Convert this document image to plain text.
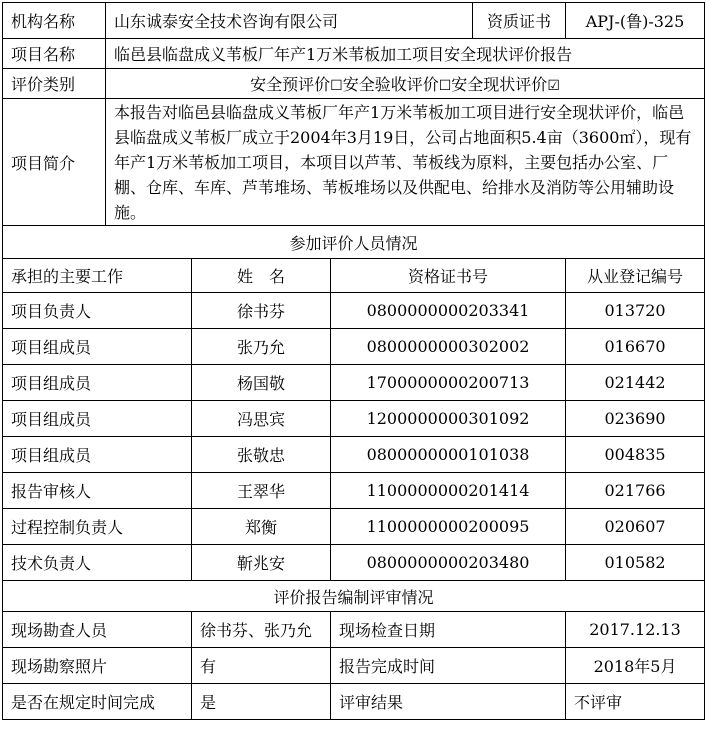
机构名称	山东诚泰安全技术咨询有限公司			资质证书	APJ-(鲁)-325
项目名称	临邑县临盘成义苇板厂年产1万米苇板加工项目安全现状评价报告				
评价类别	安全预评价☐安全验收评价☐安全现状评价☑				
项目简介	本报告对临邑县临盘成义苇板厂年产1万米苇板加工项目进行安全现状评价，临邑县临盘成义苇板厂成立于2004年3月19日，公司占地面积5.4亩（3600㎡），现有年产1万米苇板加工项目，本项目以芦苇、苇板线为原料，主要包括办公室、厂棚、仓库、车库、芦苇堆场、苇板堆场以及供配电、给排水及消防等公用辅助设施。				
参加评价人员情况					
承担的主要工作		姓　名	资格证书号		从业登记编号
项目负责人		徐书芬	0800000000203341		013720
项目组成员		张乃允	0800000000302002		016670
项目组成员		杨国敬	1700000000200713		021442
项目组成员		冯思宾	1200000000301092		023690
项目组成员		张敬忠	0800000000101038		004835
报告审核人		王翠华	1100000000201414		021766
过程控制负责人		郑衡	1100000000200095		020607
技术负责人		靳兆安	0800000000203480		010582
评价报告编制评审情况					
现场勘查人员		徐书芬、张乃允	现场检查日期		2017.12.13
现场勘察照片		有	报告完成时间		2018年5月
是否在规定时间完成		是	评审结果		不评审
